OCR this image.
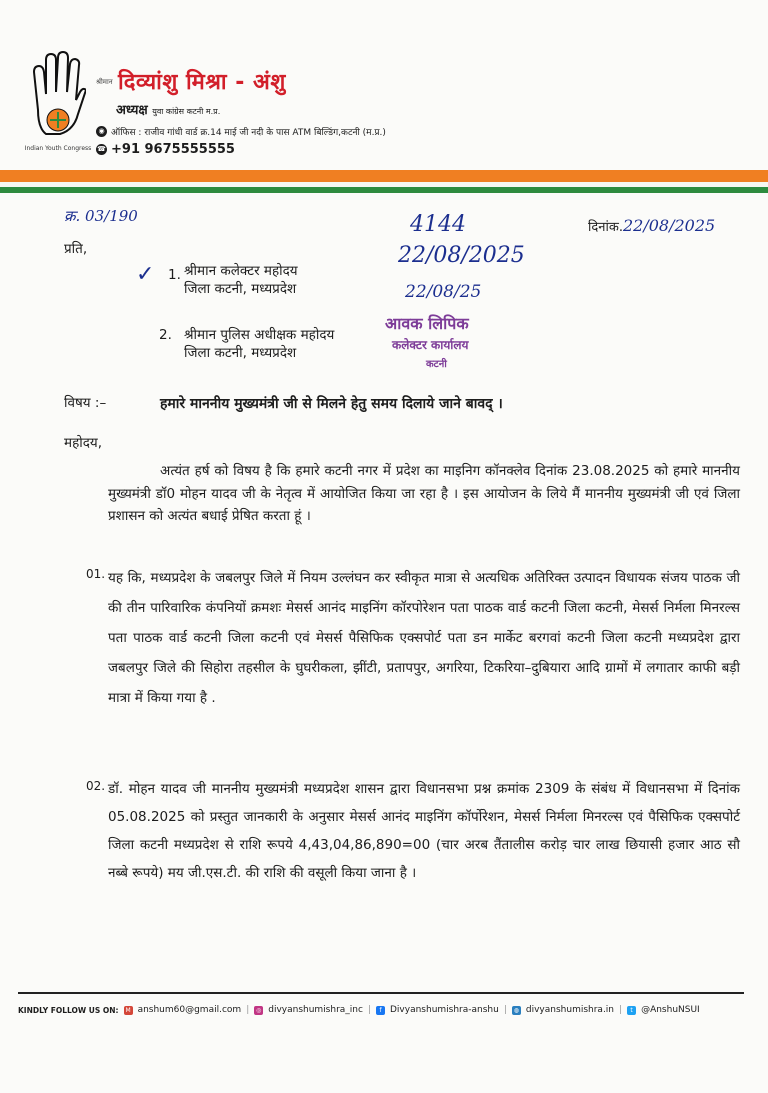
Indian Youth Congress
श्रीमान दिव्यांशु मिश्रा - अंशु
अध्यक्ष युवा कांग्रेस कटनी म.प्र.
◉ ऑफिस : राजीव गांधी वार्ड क्र.14 माई जी नदी के पास ATM बिल्डिंग,कटनी (म.प्र.)
☎ +91 9675555555
क्र. 03/190
दिनांक.22/08/2025
4144
22/08/2025
22/08/25
आवक लिपिक
कलेक्टर कार्यालय
कटनी
✓
प्रति,
1. श्रीमान कलेक्टर महोदय
जिला कटनी, मध्यप्रदेश
2. श्रीमान पुलिस अधीक्षक महोदय
जिला कटनी, मध्यप्रदेश
विषय :–	हमारे माननीय मुख्यमंत्री जी से मिलने हेतु समय दिलाये जाने बावद् ।
महोदय,
अत्यंत हर्ष को विषय है कि हमारे कटनी नगर में प्रदेश का माइनिग कॉनक्लेव दिनांक 23.08.2025 को हमारे माननीय मुख्यमंत्री डॉ0 मोहन यादव जी के नेतृत्व में आयोजित किया जा रहा है । इस आयोजन के लिये मैं माननीय मुख्यमंत्री जी एवं जिला प्रशासन को अत्यंत बधाई प्रेषित करता हूं ।
01. यह कि, मध्यप्रदेश के जबलपुर जिले में नियम उल्लंघन कर स्वीकृत मात्रा से अत्यधिक अतिरिक्त उत्पादन विधायक संजय पाठक जी की तीन पारिवारिक कंपनियों क्रमशः मेसर्स आनंद माइनिंग कॉरपोरेशन पता पाठक वार्ड कटनी जिला कटनी, मेसर्स निर्मला मिनरल्स पता पाठक वार्ड कटनी जिला कटनी एवं मेसर्स पैसिफिक एक्सपोर्ट पता डन मार्केट बरगवां कटनी जिला कटनी मध्यप्रदेश द्वारा जबलपुर जिले की सिहोरा तहसील के घुघरीकला, झींटी, प्रतापपुर, अगरिया, टिकरिया–दुबियारा आदि ग्रामों में लगातार काफी बड़ी मात्रा में किया गया है .
02. डॉ. मोहन यादव जी माननीय मुख्यमंत्री मध्यप्रदेश शासन द्वारा विधानसभा प्रश्न क्रमांक 2309 के संबंध में विधानसभा में दिनांक 05.08.2025 को प्रस्तुत जानकारी के अनुसार मेसर्स आनंद माइनिंग कॉर्पोरेशन, मेसर्स निर्मला मिनरल्स एवं पैसिफिक एक्सपोर्ट जिला कटनी मध्यप्रदेश से राशि रूपये 4,43,04,86,890=00 (चार अरब तैंतालीस करोड़ चार लाख छियासी हजार आठ सौ नब्बे रूपये) मय जी.एस.टी. की राशि की वसूली किया जाना है ।
KINDLY FOLLOW US ON:	M anshum60@gmail.com |	◎ divyanshumishra_inc |	f Divyanshumishra-anshu |	◍ divyanshumishra.in |	t @AnshuNSUI
